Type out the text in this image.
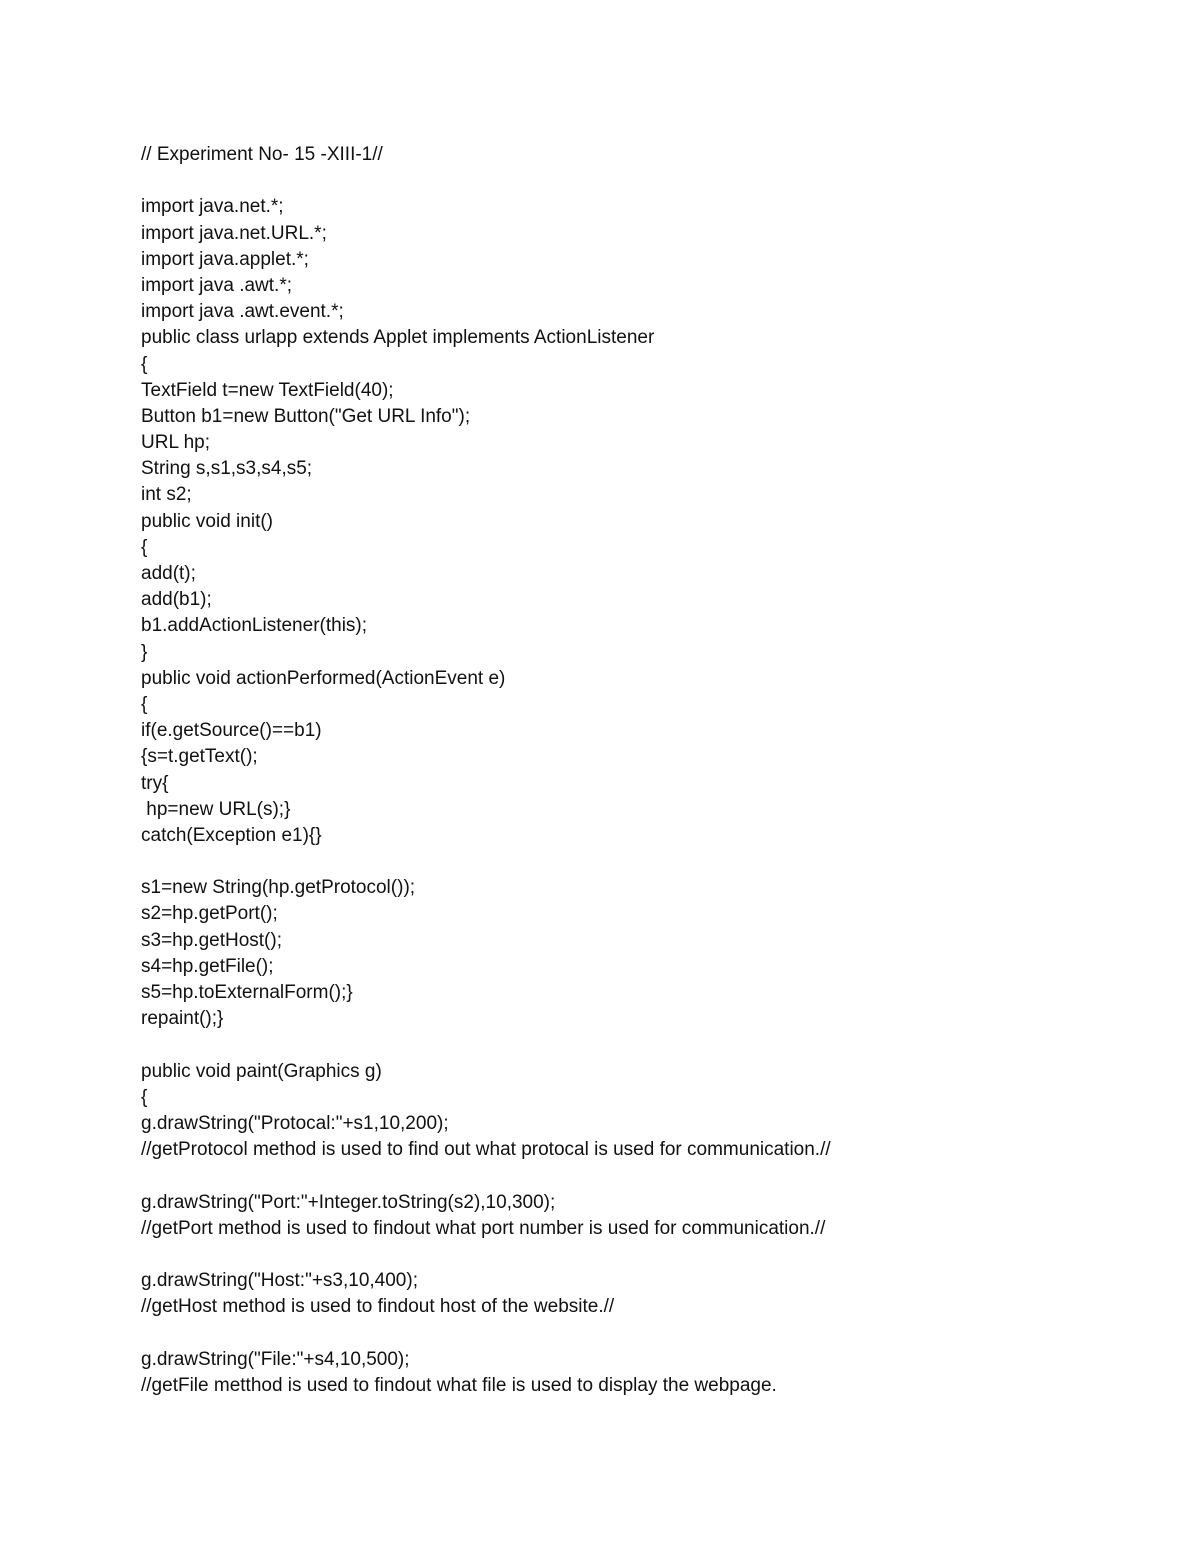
// Experiment No- 15 -XIII-1//
import java.net.*;
import java.net.URL.*;
import java.applet.*;
import java .awt.*;
import java .awt.event.*;
public class urlapp extends Applet implements ActionListener
{
TextField t=new TextField(40);
Button b1=new Button("Get URL Info");
URL hp;
String s,s1,s3,s4,s5;
int s2;
public void init()
{
add(t);
add(b1);
b1.addActionListener(this);
}
public void actionPerformed(ActionEvent e)
{
if(e.getSource()==b1)
{s=t.getText();
try{
hp=new URL(s);}
catch(Exception e1){}
s1=new String(hp.getProtocol());
s2=hp.getPort();
s3=hp.getHost();
s4=hp.getFile();
s5=hp.toExternalForm();}
repaint();}
public void paint(Graphics g)
{
g.drawString("Protocal:"+s1,10,200);
//getProtocol method is used to find out what protocal is used for communication.//
g.drawString("Port:"+Integer.toString(s2),10,300);
//getPort method is used to findout what port number is used for communication.//
g.drawString("Host:"+s3,10,400);
//getHost method is used to findout host of the website.//
g.drawString("File:"+s4,10,500);
//getFile metthod is used to findout what file is used to display the webpage.
